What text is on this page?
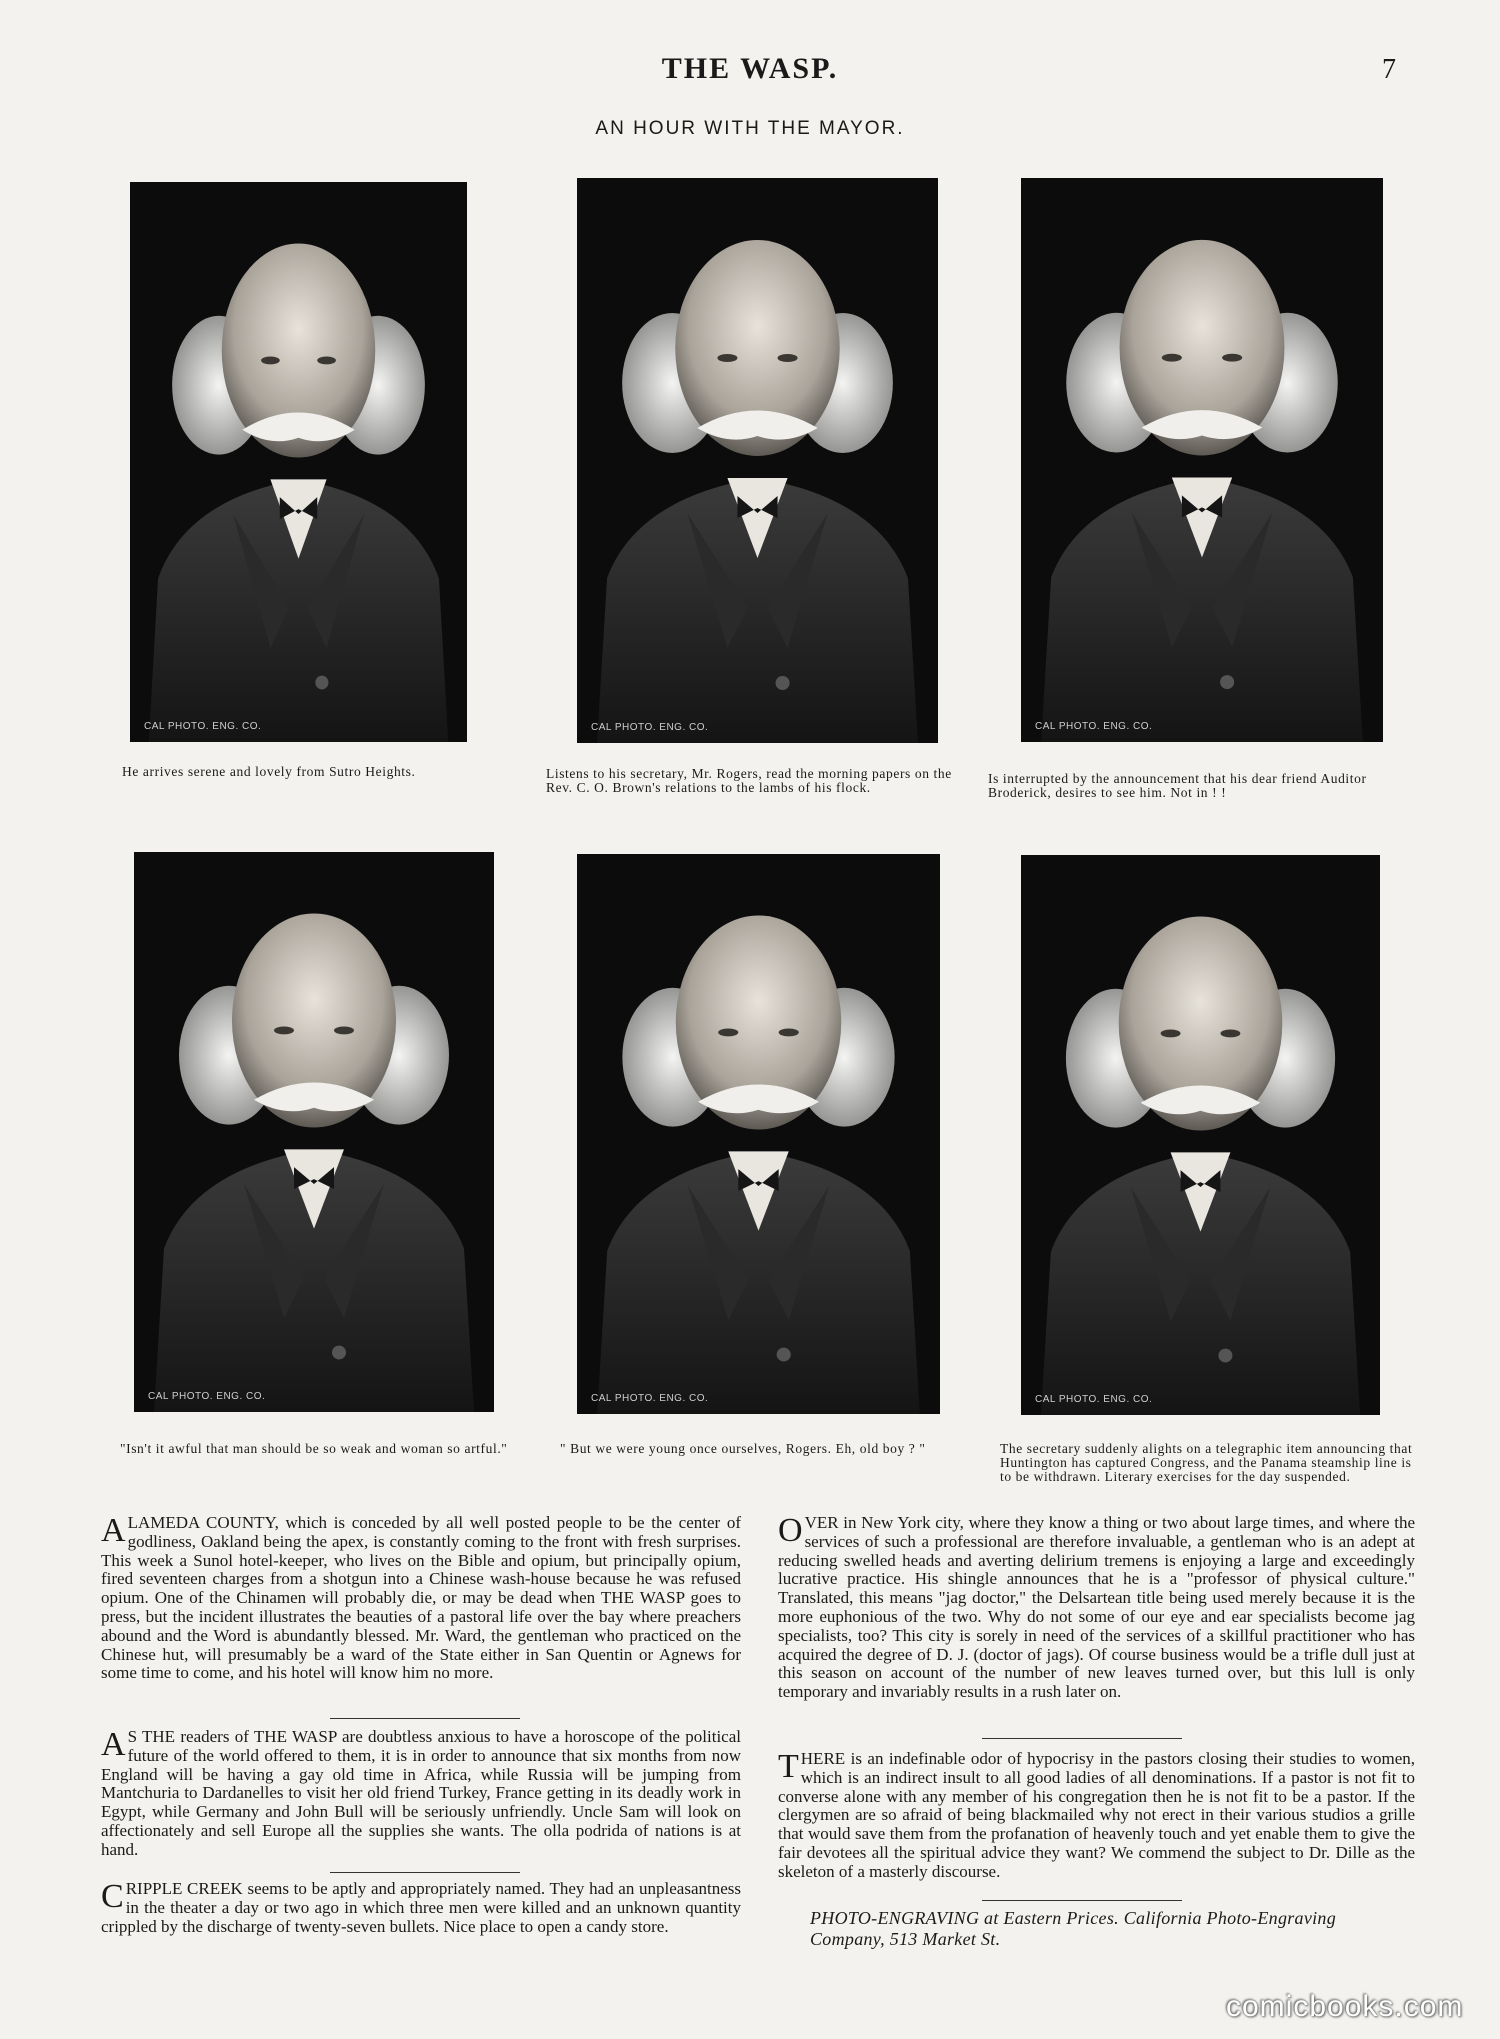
THE WASP.	7
AN HOUR WITH THE MAYOR.
CAL PHOTO. ENG. CO.	CAL PHOTO. ENG. CO.	CAL PHOTO. ENG. CO.
He arrives serene and lovely from Sutro Heights.	Listens to his secretary, Mr. Rogers, read the morning papers on the Rev. C. O. Brown's relations to the lambs of his flock.
Is interrupted by the announcement that his dear friend Auditor Broderick, desires to see him. Not in ! !
CAL PHOTO. ENG. CO.	CAL PHOTO. ENG. CO.	CAL PHOTO. ENG. CO.
"Isn't it awful that man should be so weak and woman so artful."	" But we were young once ourselves, Rogers. Eh, old boy ? "	The secretary suddenly alights on a telegraphic item announcing that Huntington has captured Congress, and the Panama steamship line is to be withdrawn. Literary exercises for the day suspended.

ALAMEDA COUNTY, which is conceded by all well posted people to be the center of godliness, Oakland being the apex, is constantly coming to the front with fresh surprises. This week a Sunol hotel-keeper, who lives on the Bible and opium, but principally opium, fired seventeen charges from a shotgun into a Chinese wash-house because he was refused opium. One of the Chinamen will probably die, or may be dead when THE WASP goes to press, but the incident illustrates the beauties of a pastoral life over the bay where preachers abound and the Word is abundantly blessed. Mr. Ward, the gentleman who practiced on the Chinese hut, will presumably be a ward of the State either in San Quentin or Agnews for some time to come, and his hotel will know him no more.

A S THE readers of THE WASP are doubtless anxious to have a horoscope of the political future of the world offered to them, it is in order to announce that six months from now England will be having a gay old time in Africa, while Russia will be jumping from Mantchuria to Dardanelles to visit her old friend Turkey, France getting in its deadly work in Egypt, while Germany and John Bull will be seriously unfriendly. Uncle Sam will look on affectionately and sell Europe all the supplies she wants. The olla podrida of nations is at hand.

CRIPPLE CREEK seems to be aptly and appropriately named. They had an unpleasantness in the theater a day or two ago in which three men were killed and an unknown quantity crippled by the discharge of twenty-seven bullets. Nice place to open a candy store.

OVER in New York city, where they know a thing or two about large times, and where the services of such a professional are therefore invaluable, a gentleman who is an adept at reducing swelled heads and averting delirium tremens is enjoying a large and exceedingly lucrative practice. His shingle announces that he is a "professor of physical culture." Translated, this means "jag doctor," the Delsartean title being used merely because it is the more euphonious of the two. Why do not some of our eye and ear specialists become jag specialists, too? This city is sorely in need of the services of a skillful practitioner who has acquired the degree of D. J. (doctor of jags). Of course business would be a trifle dull just at this season on account of the number of new leaves turned over, but this lull is only temporary and invariably results in a rush later on.

THERE is an indefinable odor of hypocrisy in the pastors closing their studies to women, which is an indirect insult to all good ladies of all denominations. If a pastor is not fit to converse alone with any member of his congregation then he is not fit to be a pastor. If the clergymen are so afraid of being blackmailed why not erect in their various studios a grille that would save them from the profanation of heavenly touch and yet enable them to give the fair devotees all the spiritual advice they want? We commend the subject to Dr. Dille as the skeleton of a masterly discourse.

PHOTO-ENGRAVING at Eastern Prices. California Photo-Engraving Company, 513 Market St.
comicbooks.com
